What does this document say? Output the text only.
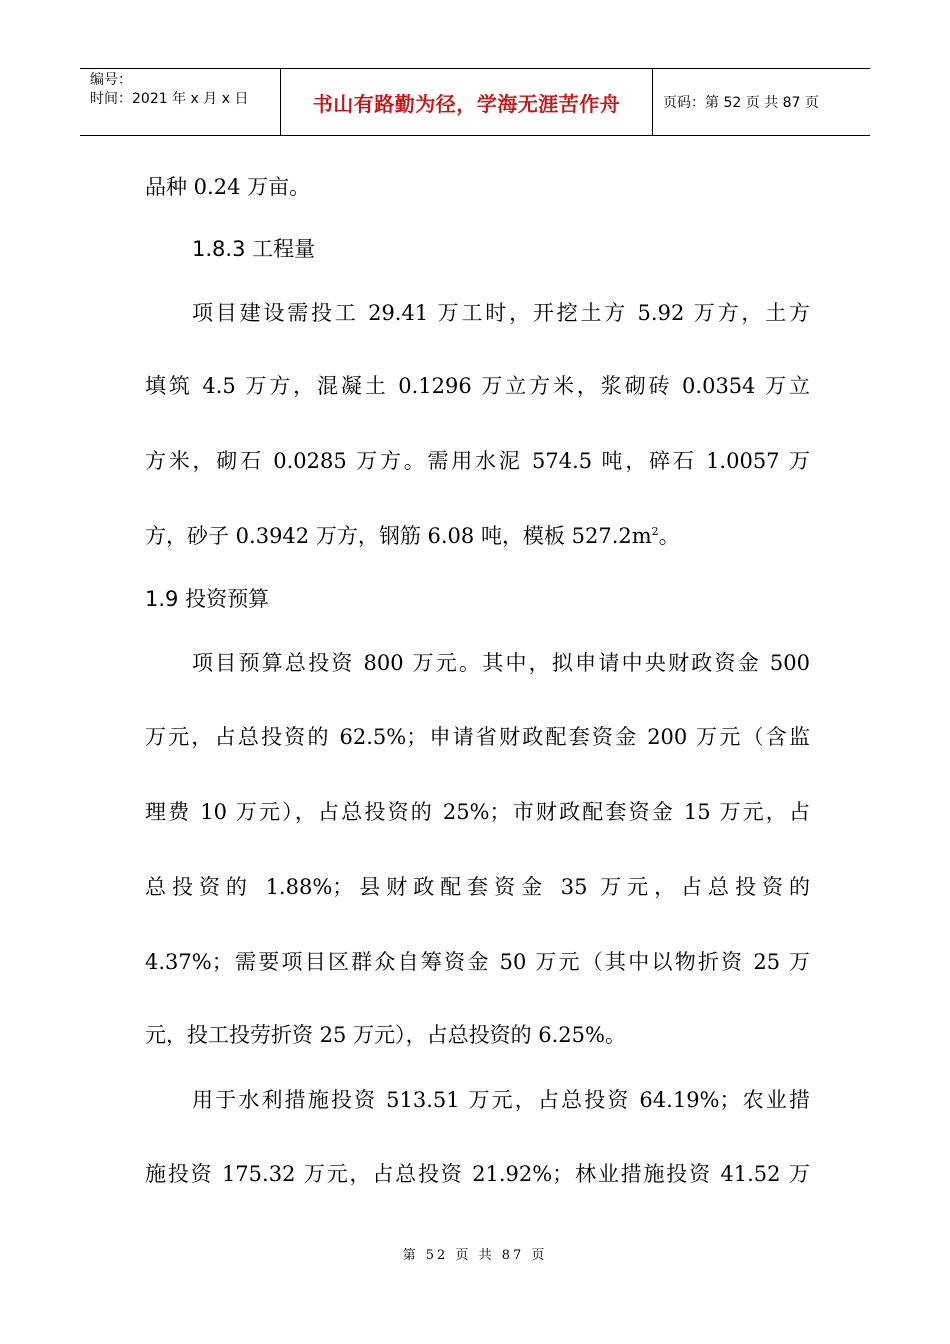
编号：
时间：2021 年 x 月 x 日	书山有路勤为径，学海无涯苦作舟	页码：第 52 页 共 87 页
品种 0.24 万亩。
1.8.3 工程量
项目建设需投工 29.41 万工时，开挖土方 5.92 万方，土方
填筑 4.5 万方，混凝土 0.1296 万立方米，浆砌砖 0.0354 万立
方米，砌石 0.0285 万方。需用水泥 574.5 吨，碎石 1.0057 万
方，砂子 0.3942 万方，钢筋 6.08 吨，模板 $527.2m^2$。
1.9 投资预算
项目预算总投资 800 万元。其中，拟申请中央财政资金 500
万元，占总投资的 62.5%；申请省财政配套资金 200 万元（含监
理费 10 万元），占总投资的 25%；市财政配套资金 15 万元，占
总投资的 1.88%；县财政配套资金 35 万元，占总投资的
4.37%；需要项目区群众自筹资金 50 万元（其中以物折资 25 万
元，投工投劳折资 25 万元），占总投资的 6.25%。
用于水利措施投资 513.51 万元，占总投资 64.19%；农业措
施投资 175.32 万元，占总投资 21.92%；林业措施投资 41.52 万
第 52 页 共 87 页
